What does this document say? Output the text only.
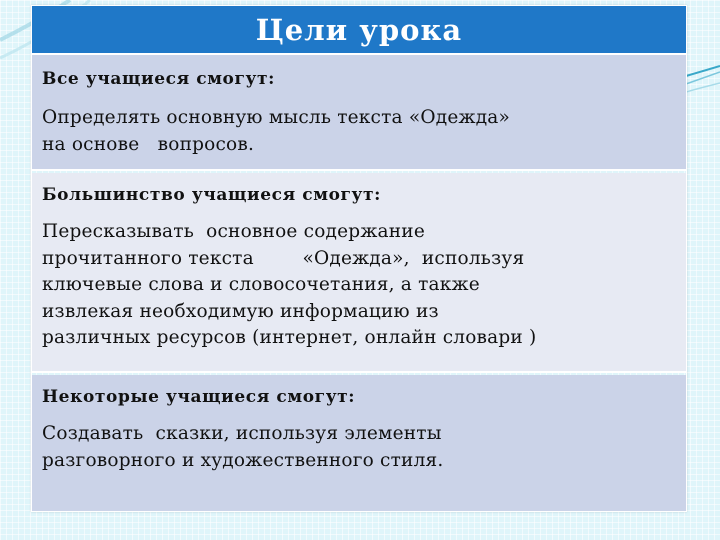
Цели урока
Все учащиеся смогут:
Определять основную мысль текста «Одежда»
на основе   вопросов.
Большинство учащиеся смогут:
Пересказывать  основное содержание
прочитанного текста        «Одежда»,  используя
ключевые слова и словосочетания, а также
извлекая необходимую информацию из
различных ресурсов (интернет, онлайн словари )
Некоторые учащиеся смогут:
Создавать  сказки, используя элементы
разговорного и художественного стиля.
